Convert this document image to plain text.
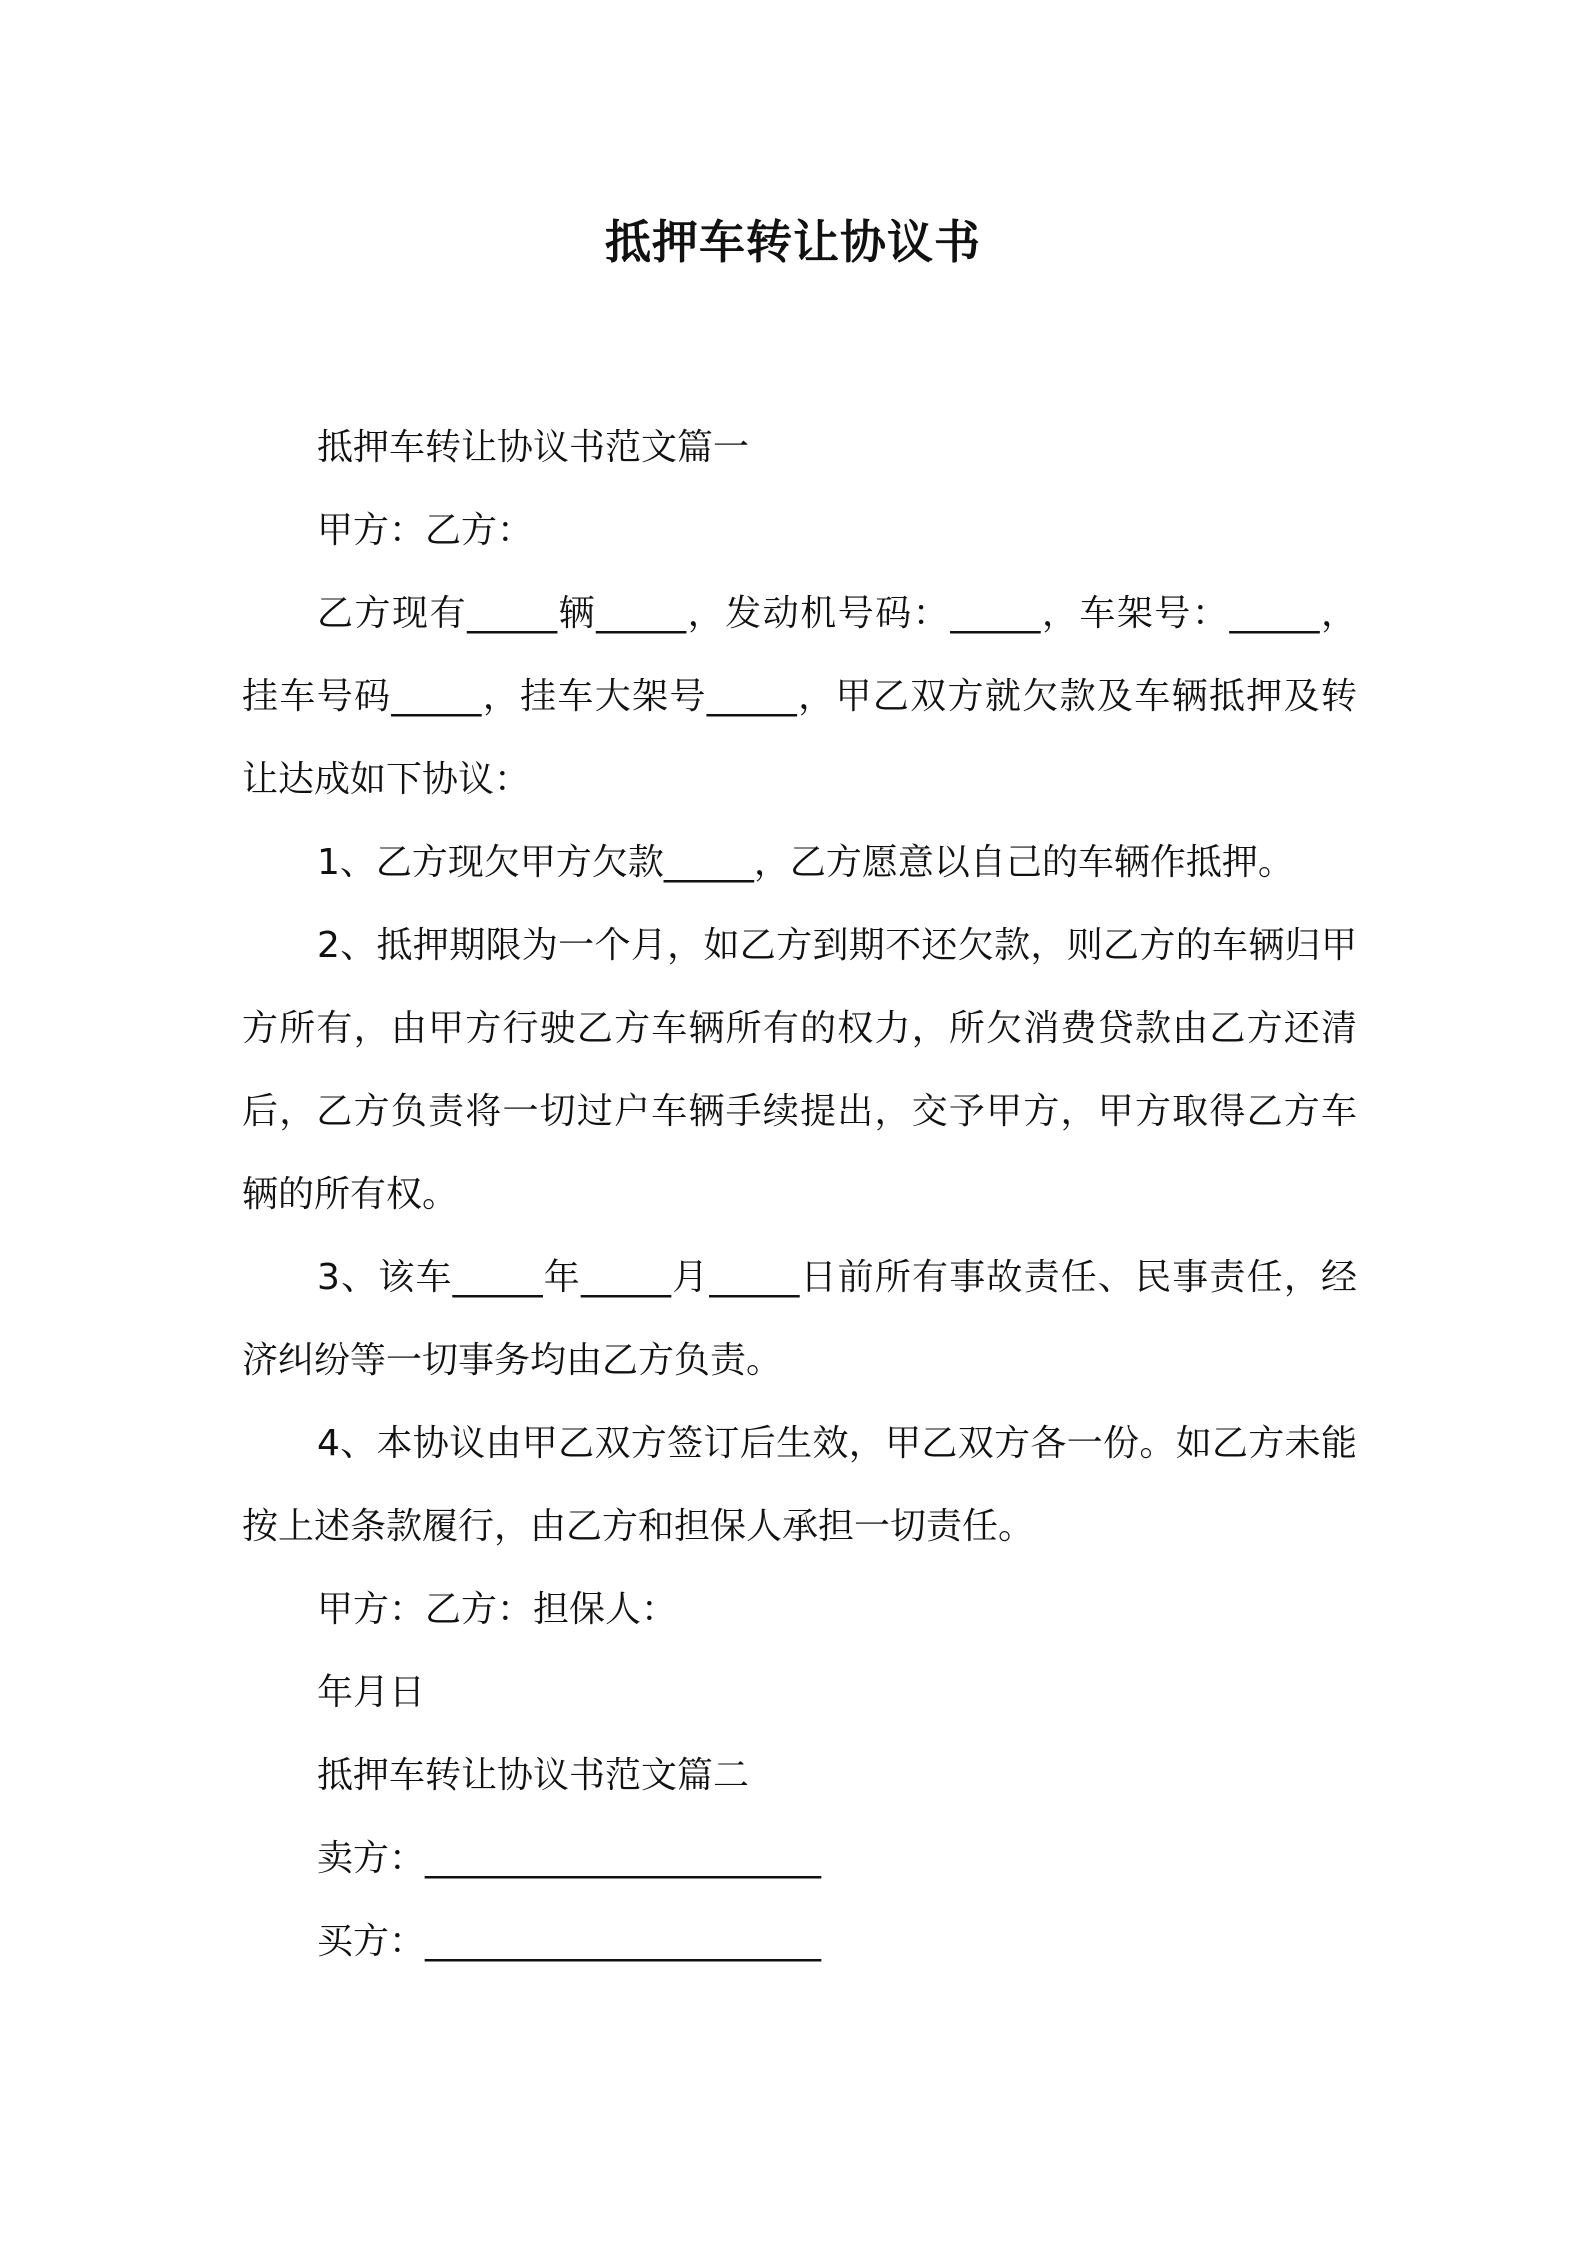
抵押车转让协议书

抵押车转让协议书范文篇一

甲方：乙方：

乙方现有_____辆_____，发动机号码：_____，车架号：_____，挂车号码_____，挂车大架号_____，甲乙双方就欠款及车辆抵押及转让达成如下协议：

1、乙方现欠甲方欠款_____，乙方愿意以自己的车辆作抵押。

2、抵押期限为一个月，如乙方到期不还欠款，则乙方的车辆归甲方所有，由甲方行驶乙方车辆所有的权力，所欠消费贷款由乙方还清后，乙方负责将一切过户车辆手续提出，交予甲方，甲方取得乙方车辆的所有权。

3、该车_____年_____月_____日前所有事故责任、民事责任，经济纠纷等一切事务均由乙方负责。

4、本协议由甲乙双方签订后生效，甲乙双方各一份。如乙方未能按上述条款履行，由乙方和担保人承担一切责任。

甲方：乙方：担保人：

年月日

抵押车转让协议书范文篇二

卖方：______________________

买方：______________________
